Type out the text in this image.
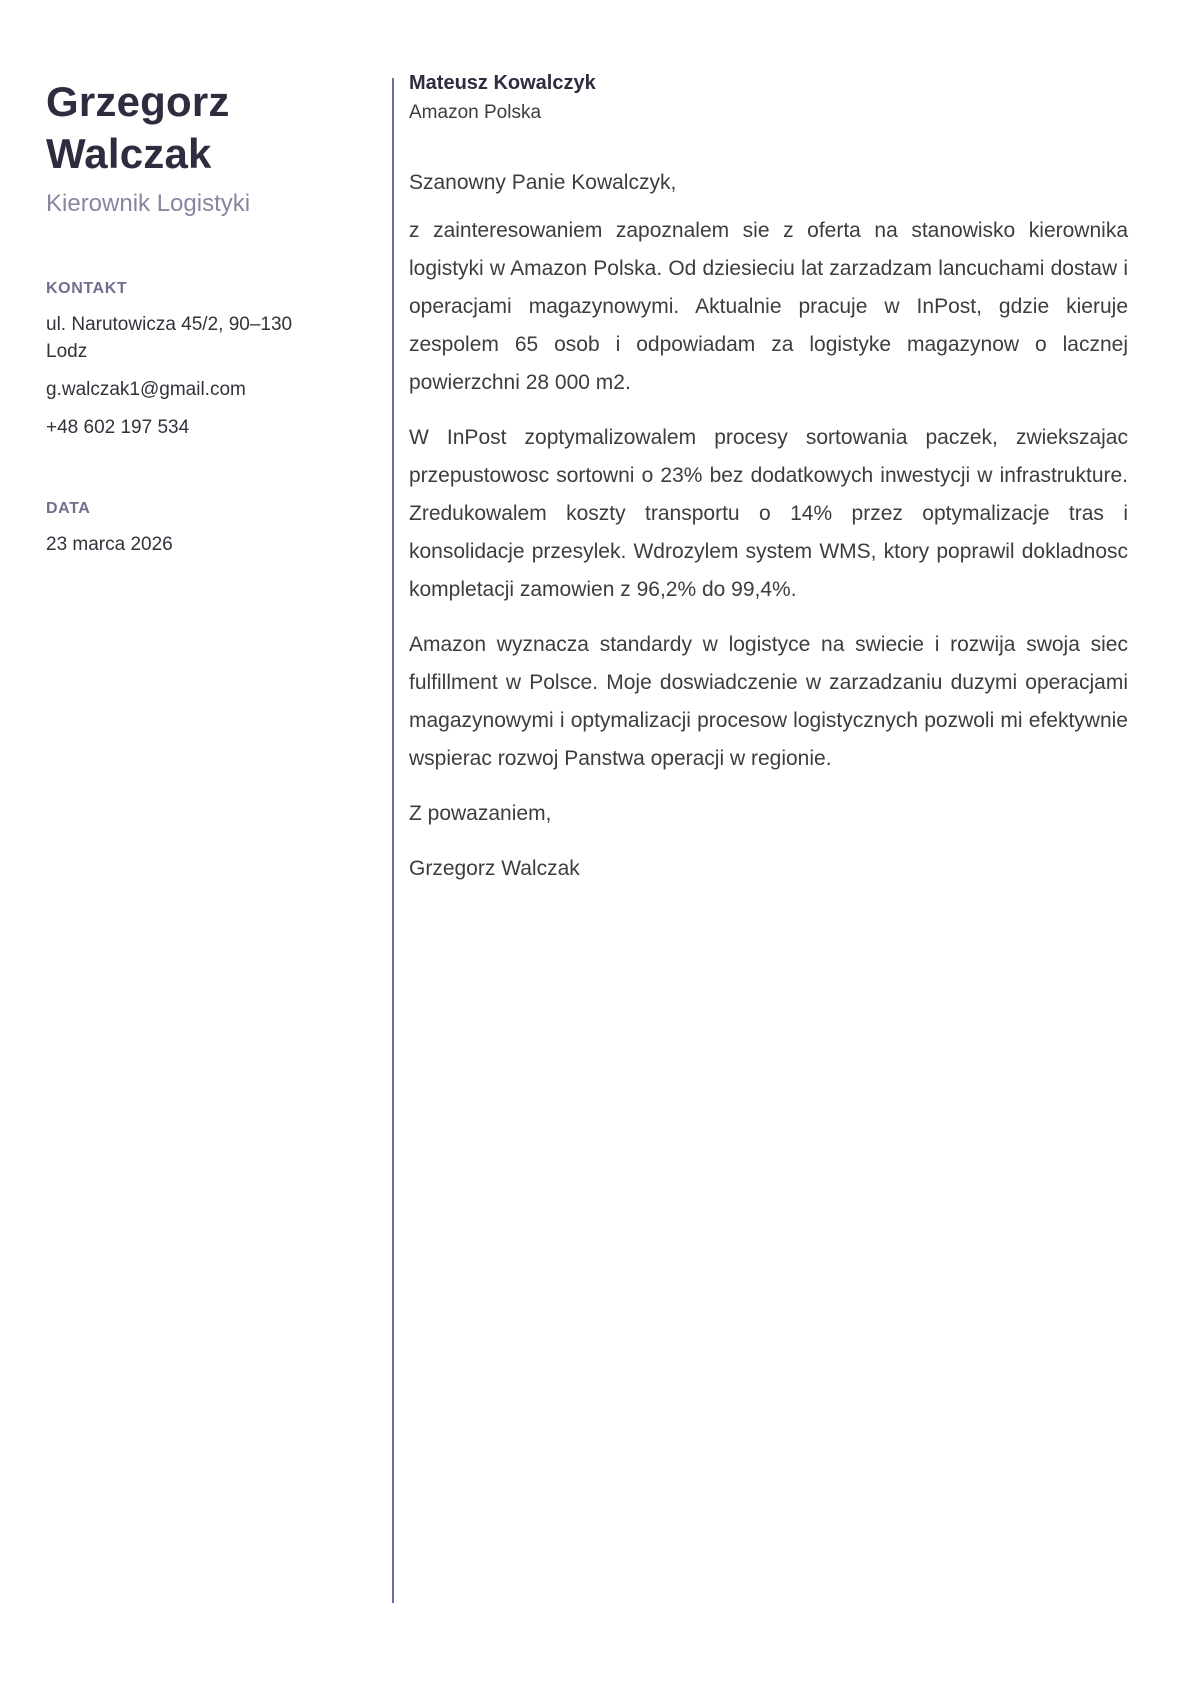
Grzegorz
Walczak
Kierownik Logistyki
KONTAKT
ul. Narutowicza 45/2, 90–130 Lodz
g.walczak1@gmail.com
+48 602 197 534
DATA
23 marca 2026
Mateusz Kowalczyk
Amazon Polska

Szanowny Panie Kowalczyk,

z zainteresowaniem zapoznalem sie z oferta na stanowisko kierownika logistyki w Amazon Polska. Od dziesieciu lat zarzadzam lancuchami dostaw i operacjami magazynowymi. Aktualnie pracuje w InPost, gdzie kieruje zespolem 65 osob i odpowiadam za logistyke magazynow o lacznej powierzchni 28 000 m2.

W InPost zoptymalizowalem procesy sortowania paczek, zwiekszajac przepustowosc sortowni o 23% bez dodatkowych inwestycji w infrastrukture. Zredukowalem koszty transportu o 14% przez optymalizacje tras i konsolidacje przesylek. Wdrozylem system WMS, ktory poprawil dokladnosc kompletacji zamowien z 96,2% do 99,4%.

Amazon wyznacza standardy w logistyce na swiecie i rozwija swoja siec fulfillment w Polsce. Moje doswiadczenie w zarzadzaniu duzymi operacjami magazynowymi i optymalizacji procesow logistycznych pozwoli mi efektywnie wspierac rozwoj Panstwa operacji w regionie.

Z powazaniem,

Grzegorz Walczak
